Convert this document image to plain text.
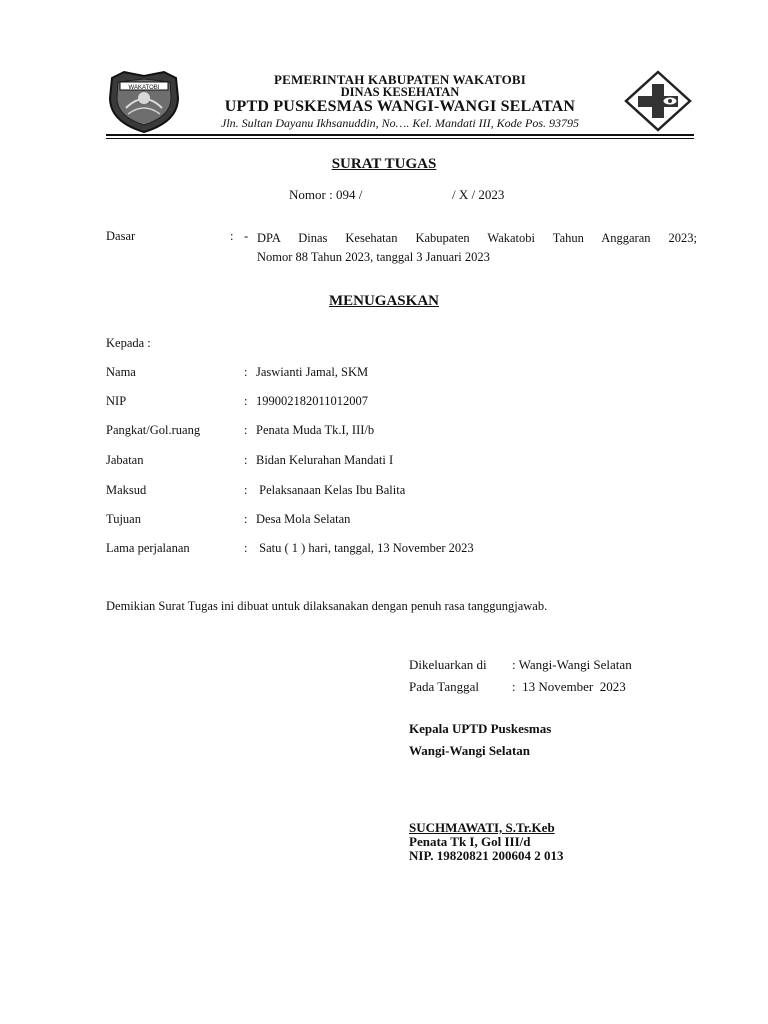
WAKATOBI
PEMERINTAH KABUPATEN WAKATOBI
DINAS KESEHATAN
UPTD PUSKESMAS WANGI-WANGI SELATAN
Jln. Sultan Dayanu Ikhsanuddin, No…. Kel. Mandati III, Kode Pos. 93795
SURAT TUGAS
Nomor : 094 /	/ X / 2023
Dasar	: - DPA Dinas Kesehatan Kabupaten Wakatobi Tahun Anggaran 2023;
Nomor 88 Tahun 2023, tanggal 3 Januari 2023
MENUGASKAN
Kepada :
Nama	: Jaswianti Jamal, SKM
NIP	: 199002182011012007
Pangkat/Gol.ruang	: Penata Muda Tk.I, III/b
Jabatan	: Bidan Kelurahan Mandati I
Maksud	: Pelaksanaan Kelas Ibu Balita
Tujuan	: Desa Mola Selatan
Lama perjalanan	: Satu ( 1 ) hari, tanggal, 13 November 2023
Demikian Surat Tugas ini dibuat untuk dilaksanakan dengan penuh rasa tanggungjawab.
Dikeluarkan di : Wangi-Wangi Selatan
Pada Tanggal	:  13 November  2023
Kepala UPTD Puskesmas
Wangi-Wangi Selatan
SUCHMAWATI, S.Tr.Keb
Penata Tk I, Gol III/d
NIP. 19820821 200604 2 013
